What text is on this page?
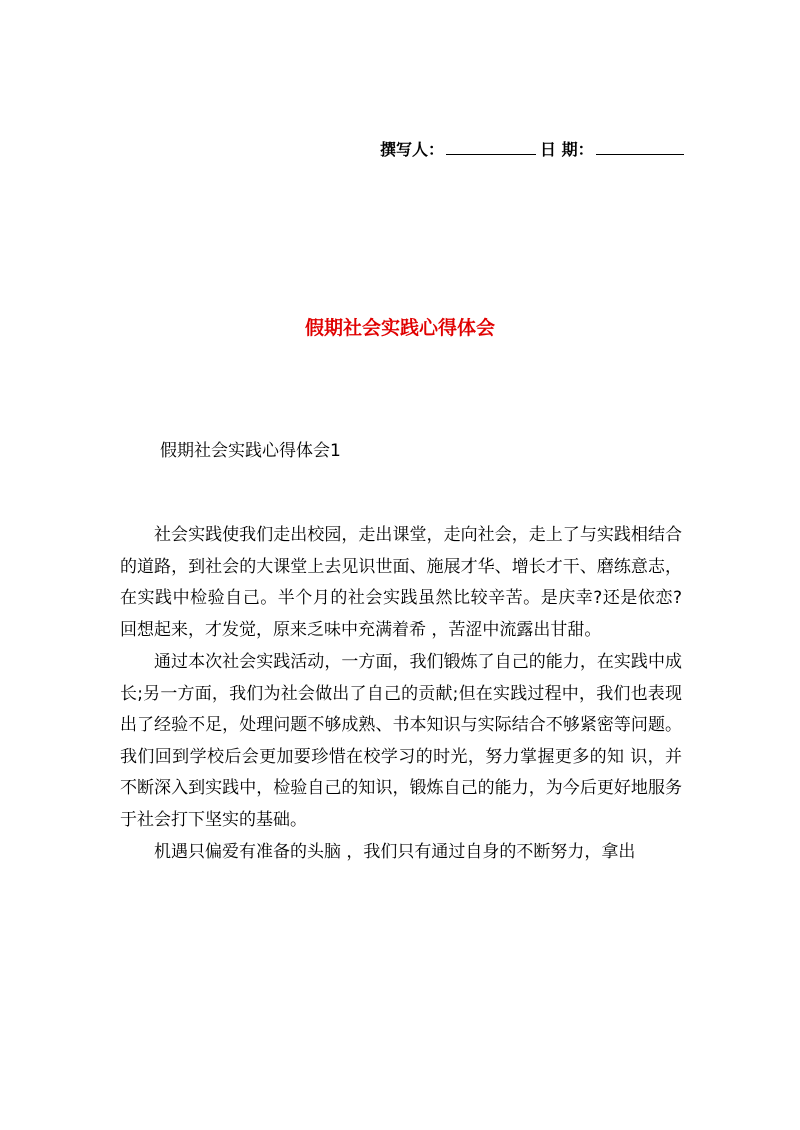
撰写人：	日 期：
假期社会实践心得体会
假期社会实践心得体会1

社会实践使我们走出校园，走出课堂，走向社会，走上了与实践相结合的道路，到社会的大课堂上去见识世面、施展才华、增长才干、磨练意志，在实践中检验自己。半个月的社会实践虽然比较辛苦。是庆幸?还是依恋?回想起来，才发觉，原来乏味中充满着希 ，苦涩中流露出甘甜。

通过本次社会实践活动，一方面，我们锻炼了自己的能力，在实践中成长;另一方面，我们为社会做出了自己的贡献;但在实践过程中，我们也表现出了经验不足，处理问题不够成熟、书本知识与实际结合不够紧密等问题。我们回到学校后会更加要珍惜在校学习的时光，努力掌握更多的知 识，并不断深入到实践中，检验自己的知识，锻炼自己的能力，为今后更好地服务于社会打下坚实的基础。

机遇只偏爱有准备的头脑 ，我们只有通过自身的不断努力，拿出
